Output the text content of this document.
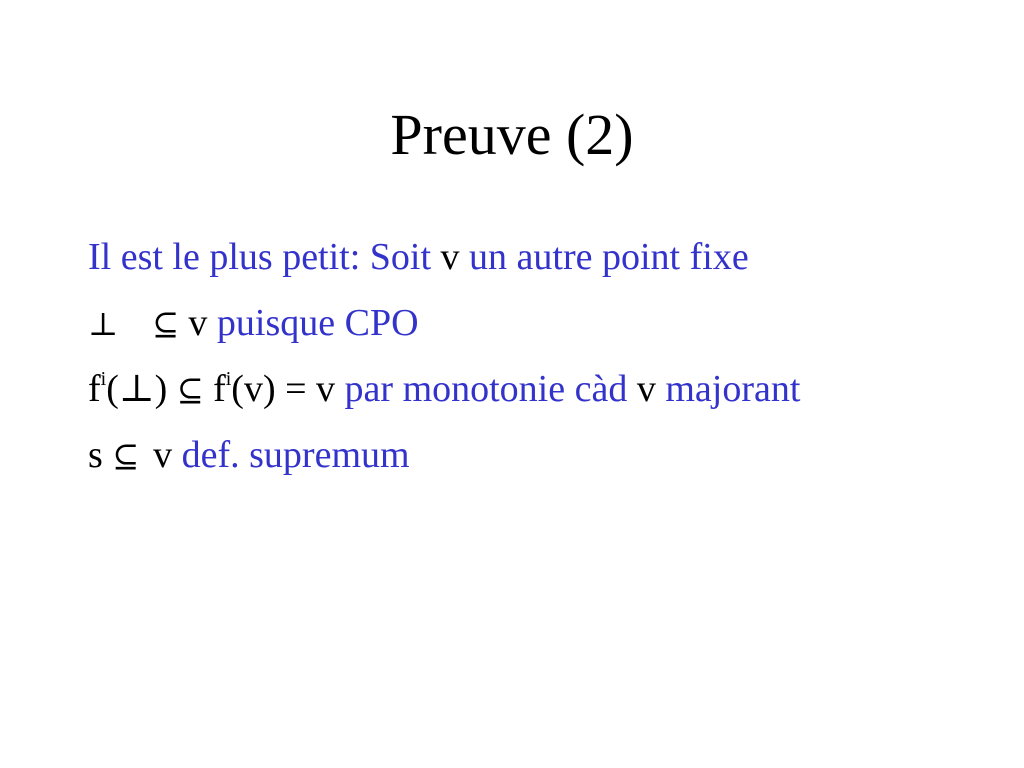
Preuve (2)
Il est le plus petit: Soit v un autre point fixe
⊥ ⊆ v puisque CPO
$f^i(\perp)$ ⊆ $f^i(v) = v$ par monotonie càd v majorant
s ⊆ v def. supremum
